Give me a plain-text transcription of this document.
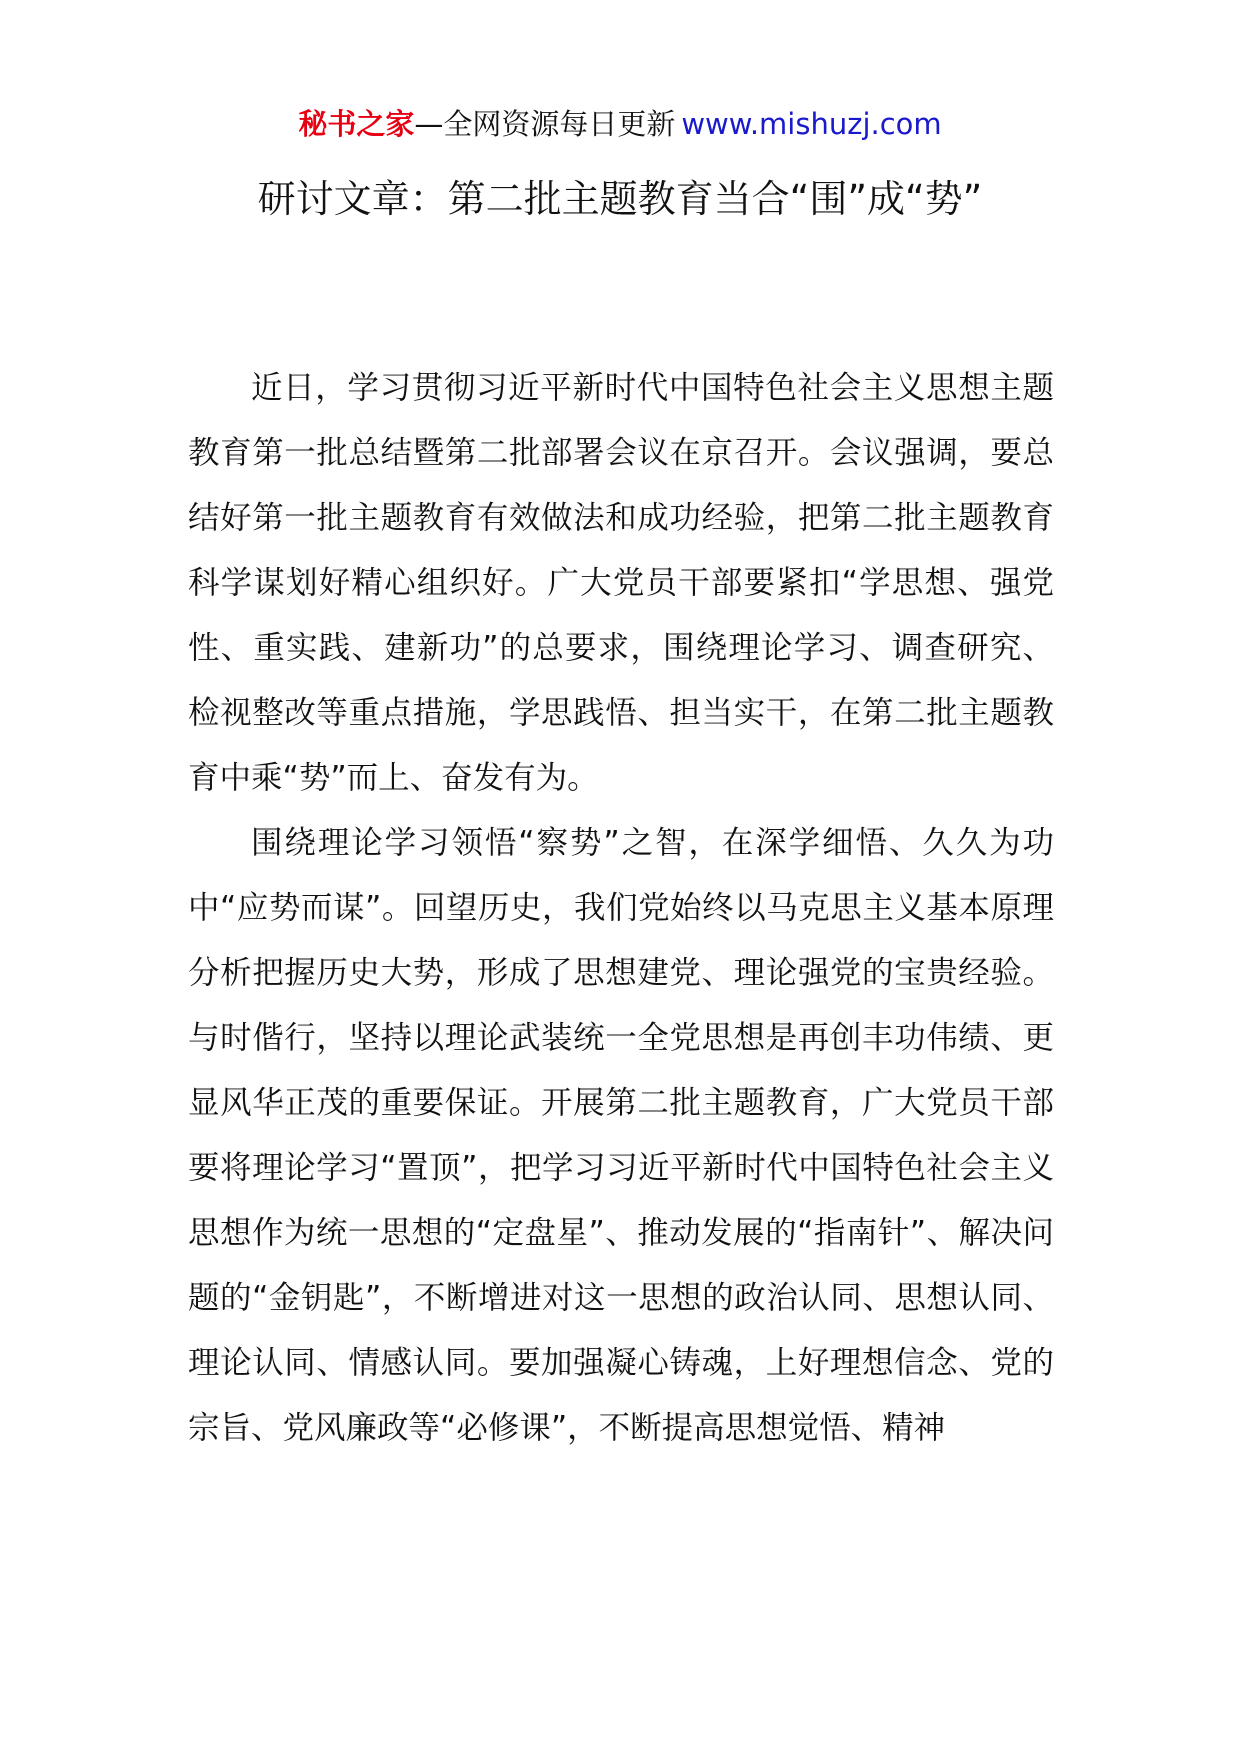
秘书之家—全网资源每日更新 www.mishuzj.com
研讨文章：第二批主题教育当合“围”成“势”

近日，学习贯彻习近平新时代中国特色社会主义思想主题教育第一批总结暨第二批部署会议在京召开。会议强调，要总结好第一批主题教育有效做法和成功经验，把第二批主题教育科学谋划好精心组织好。广大党员干部要紧扣“学思想、强党性、重实践、建新功”的总要求，围绕理论学习、调查研究、检视整改等重点措施，学思践悟、担当实干，在第二批主题教育中乘“势”而上、奋发有为。

围绕理论学习领悟“察势”之智，在深学细悟、久久为功中“应势而谋”。回望历史，我们党始终以马克思主义基本原理分析把握历史大势，形成了思想建党、理论强党的宝贵经验。与时偕行，坚持以理论武装统一全党思想是再创丰功伟绩、更显风华正茂的重要保证。开展第二批主题教育，广大党员干部要将理论学习“置顶”，把学习习近平新时代中国特色社会主义思想作为统一思想的“定盘星”、推动发展的“指南针”、解决问题的“金钥匙”，不断增进对这一思想的政治认同、思想认同、理论认同、情感认同。要加强凝心铸魂，上好理想信念、党的宗旨、党风廉政等“必修课”，不断提高思想觉悟、精神
